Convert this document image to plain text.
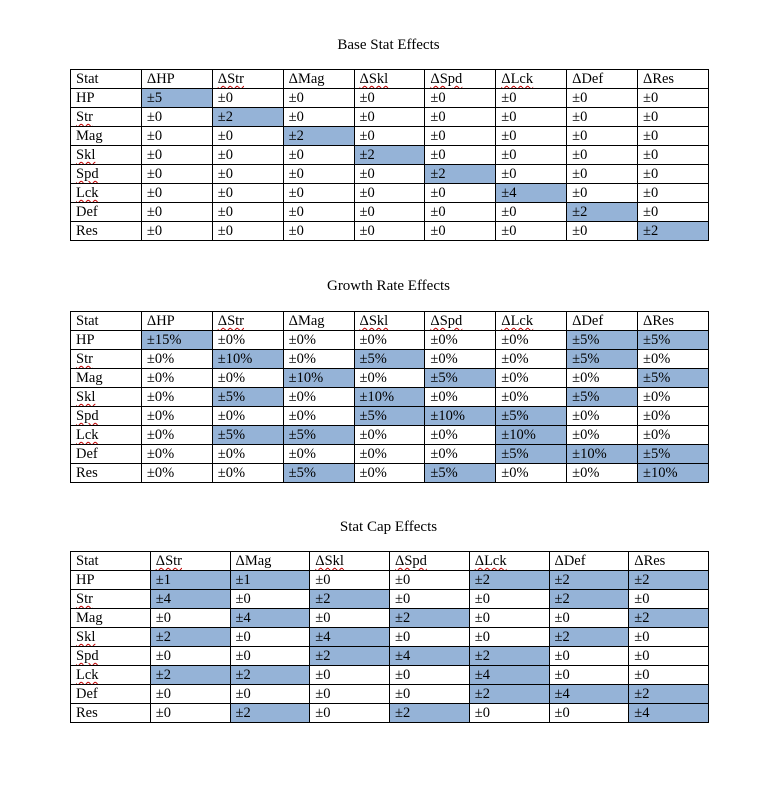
Base Stat Effects
Stat	ΔHP	ΔStr	ΔMag	ΔSkl	ΔSpd	ΔLck	ΔDef	ΔRes
HP	±5	±0	±0	±0	±0	±0	±0	±0
Str	±0	±2	±0	±0	±0	±0	±0	±0
Mag	±0	±0	±2	±0	±0	±0	±0	±0
Skl	±0	±0	±0	±2	±0	±0	±0	±0
Spd	±0	±0	±0	±0	±2	±0	±0	±0
Lck	±0	±0	±0	±0	±0	±4	±0	±0
Def	±0	±0	±0	±0	±0	±0	±2	±0
Res	±0	±0	±0	±0	±0	±0	±0	±2
Growth Rate Effects
Stat	ΔHP	ΔStr	ΔMag	ΔSkl	ΔSpd	ΔLck	ΔDef	ΔRes
HP	±15%	±0%	±0%	±0%	±0%	±0%	±5%	±5%
Str	±0%	±10%	±0%	±5%	±0%	±0%	±5%	±0%
Mag	±0%	±0%	±10%	±0%	±5%	±0%	±0%	±5%
Skl	±0%	±5%	±0%	±10%	±0%	±0%	±5%	±0%
Spd	±0%	±0%	±0%	±5%	±10%	±5%	±0%	±0%
Lck	±0%	±5%	±5%	±0%	±0%	±10%	±0%	±0%
Def	±0%	±0%	±0%	±0%	±0%	±5%	±10%	±5%
Res	±0%	±0%	±5%	±0%	±5%	±0%	±0%	±10%
Stat Cap Effects
Stat	ΔStr	ΔMag	ΔSkl	ΔSpd	ΔLck	ΔDef	ΔRes
HP	±1	±1	±0	±0	±2	±2	±2
Str	±4	±0	±2	±0	±0	±2	±0
Mag	±0	±4	±0	±2	±0	±0	±2
Skl	±2	±0	±4	±0	±0	±2	±0
Spd	±0	±0	±2	±4	±2	±0	±0
Lck	±2	±2	±0	±0	±4	±0	±0
Def	±0	±0	±0	±0	±2	±4	±2
Res	±0	±2	±0	±2	±0	±0	±4
